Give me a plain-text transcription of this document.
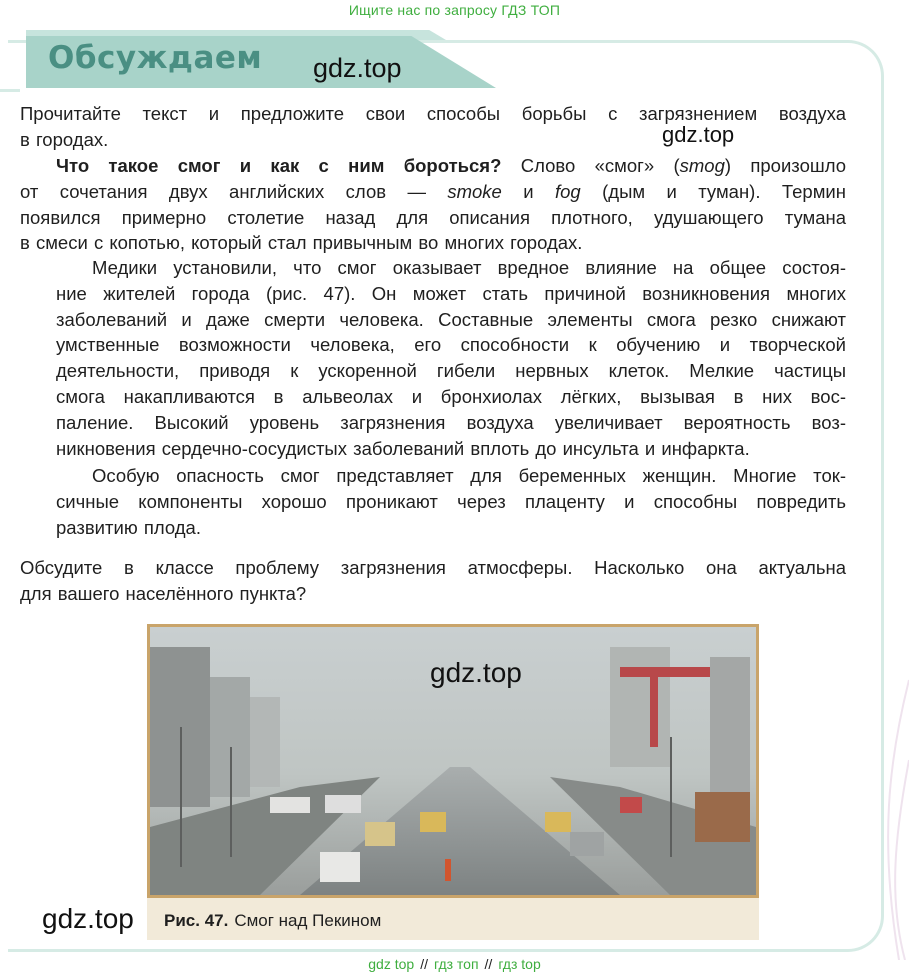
Ищите нас по запросу ГДЗ ТОП
Обсуждаем gdz.top
gdz.top
Прочитайте текст и предложите свои способы борьбы с загрязнением воздуха
в городах.
Что такое смог и как с ним бороться? Слово «смог» (smog) произошло
от сочетания двух английских слов — smoke и fog (дым и туман). Термин
появился примерно столетие назад для описания плотного, удушающего тумана
в смеси с копотью, который стал привычным во многих городах.
Медики установили, что смог оказывает вредное влияние на общее состоя-
ние жителей города (рис. 47). Он может стать причиной возникновения многих
заболеваний и даже смерти человека. Составные элементы смога резко снижают
умственные возможности человека, его способности к обучению и творческой
деятельности, приводя к ускоренной гибели нервных клеток. Мелкие частицы
смога накапливаются в альвеолах и бронхиолах лёгких, вызывая в них вос-
паление. Высокий уровень загрязнения воздуха увеличивает вероятность воз-
никновения сердечно-сосудистых заболеваний вплоть до инсульта и инфаркта.
Особую опасность смог представляет для беременных женщин. Многие ток-
сичные компоненты хорошо проникают через плаценту и способны повредить
развитию плода.
Обсудите в классе проблему загрязнения атмосферы. Насколько она актуальна
для вашего населённого пункта?
gdz.top
Рис. 47. Смог над Пекином
gdz.top
gdz top // гдз топ // гдз top
